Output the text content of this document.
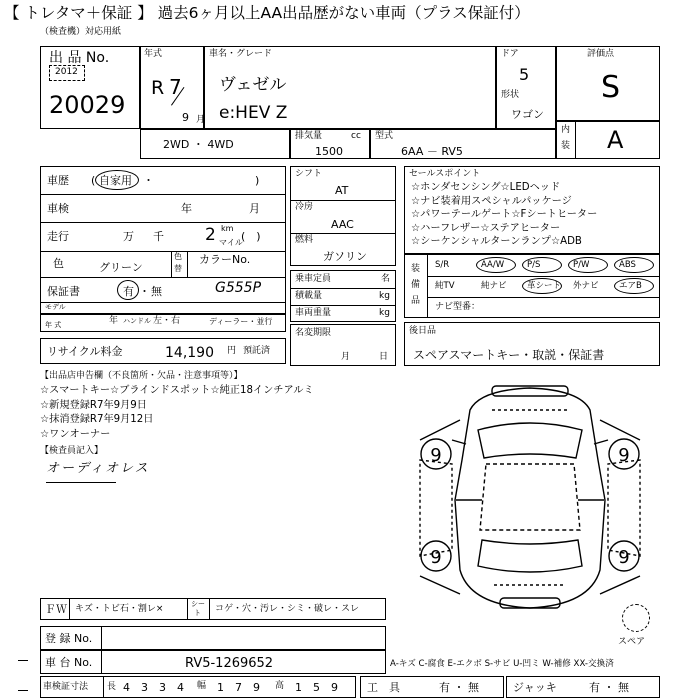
【 トレタマ＋保証 】 過去6ヶ月以上AA出品歴がない車両（プラス保証付）
（検査機）対応用紙
出 品 No.
2012
20029
年式
R 7
9 月
車名・グレード
ヴェゼル
e:HEV Z
ドア
5
形状
ワゴン
評価点
S
内
装 A
2WD ・ 4WD
排気量	cc
1500
型式
6AA － RV5
車歴 ( 自家用 ・	)
車検	年	月
走行	万 千 2 km
マイル
(　)
色	グリーン
色
替
カラーNo.
保証書	有 ・ 無	G555P
モデル
年 式	年 ハンドル 左・右	ディーラー・並行
リサイクル料金	14,190 円 預託済
シフト
AT
冷房
AAC
燃料
ガソリン
乗車定員	名
積載量	kg
車両重量	kg
名変期限
月	日
セールスポイント
☆ホンダセンシング☆LEDヘッド
☆ナビ装着用スペシャルパッケージ
☆パワーテールゲート☆Fシートヒーター
☆ハーフレザー☆ステアヒーター
☆シーケンシャルターンランプ☆ADB
装
備
品
S/R	AA/W	P/S	P/W	ABS
純TV	純ナビ 革シート 外ナビ エアB
ナビ型番：
後日品
スペアスマートキー・取説・保証書
【出品店申告欄（不良箇所・欠品・注意事項等）】
☆スマートキー☆ブラインドスポット☆純正18インチアルミ
☆新規登録R7年9月9日
☆抹消登録R7年9月12日
☆ワンオーナー
【検査員記入】
オーディオレス
9	9
9	9
スペア
ＦＷ キズ・トビ石・割レ×	シー
ト コゲ・穴・汚レ・シミ・破レ・スレ
登 録 No.
車 台 No.	RV5-1269652	A-キズ C-腐食 E-エクボ S-サビ U-凹ミ W-補修 XX-交換済
車検証寸法 長 4 3 3 4 幅 1 7 9 高 1 5 9	工　具	有 ・ 無	ジャッキ	有 ・ 無
